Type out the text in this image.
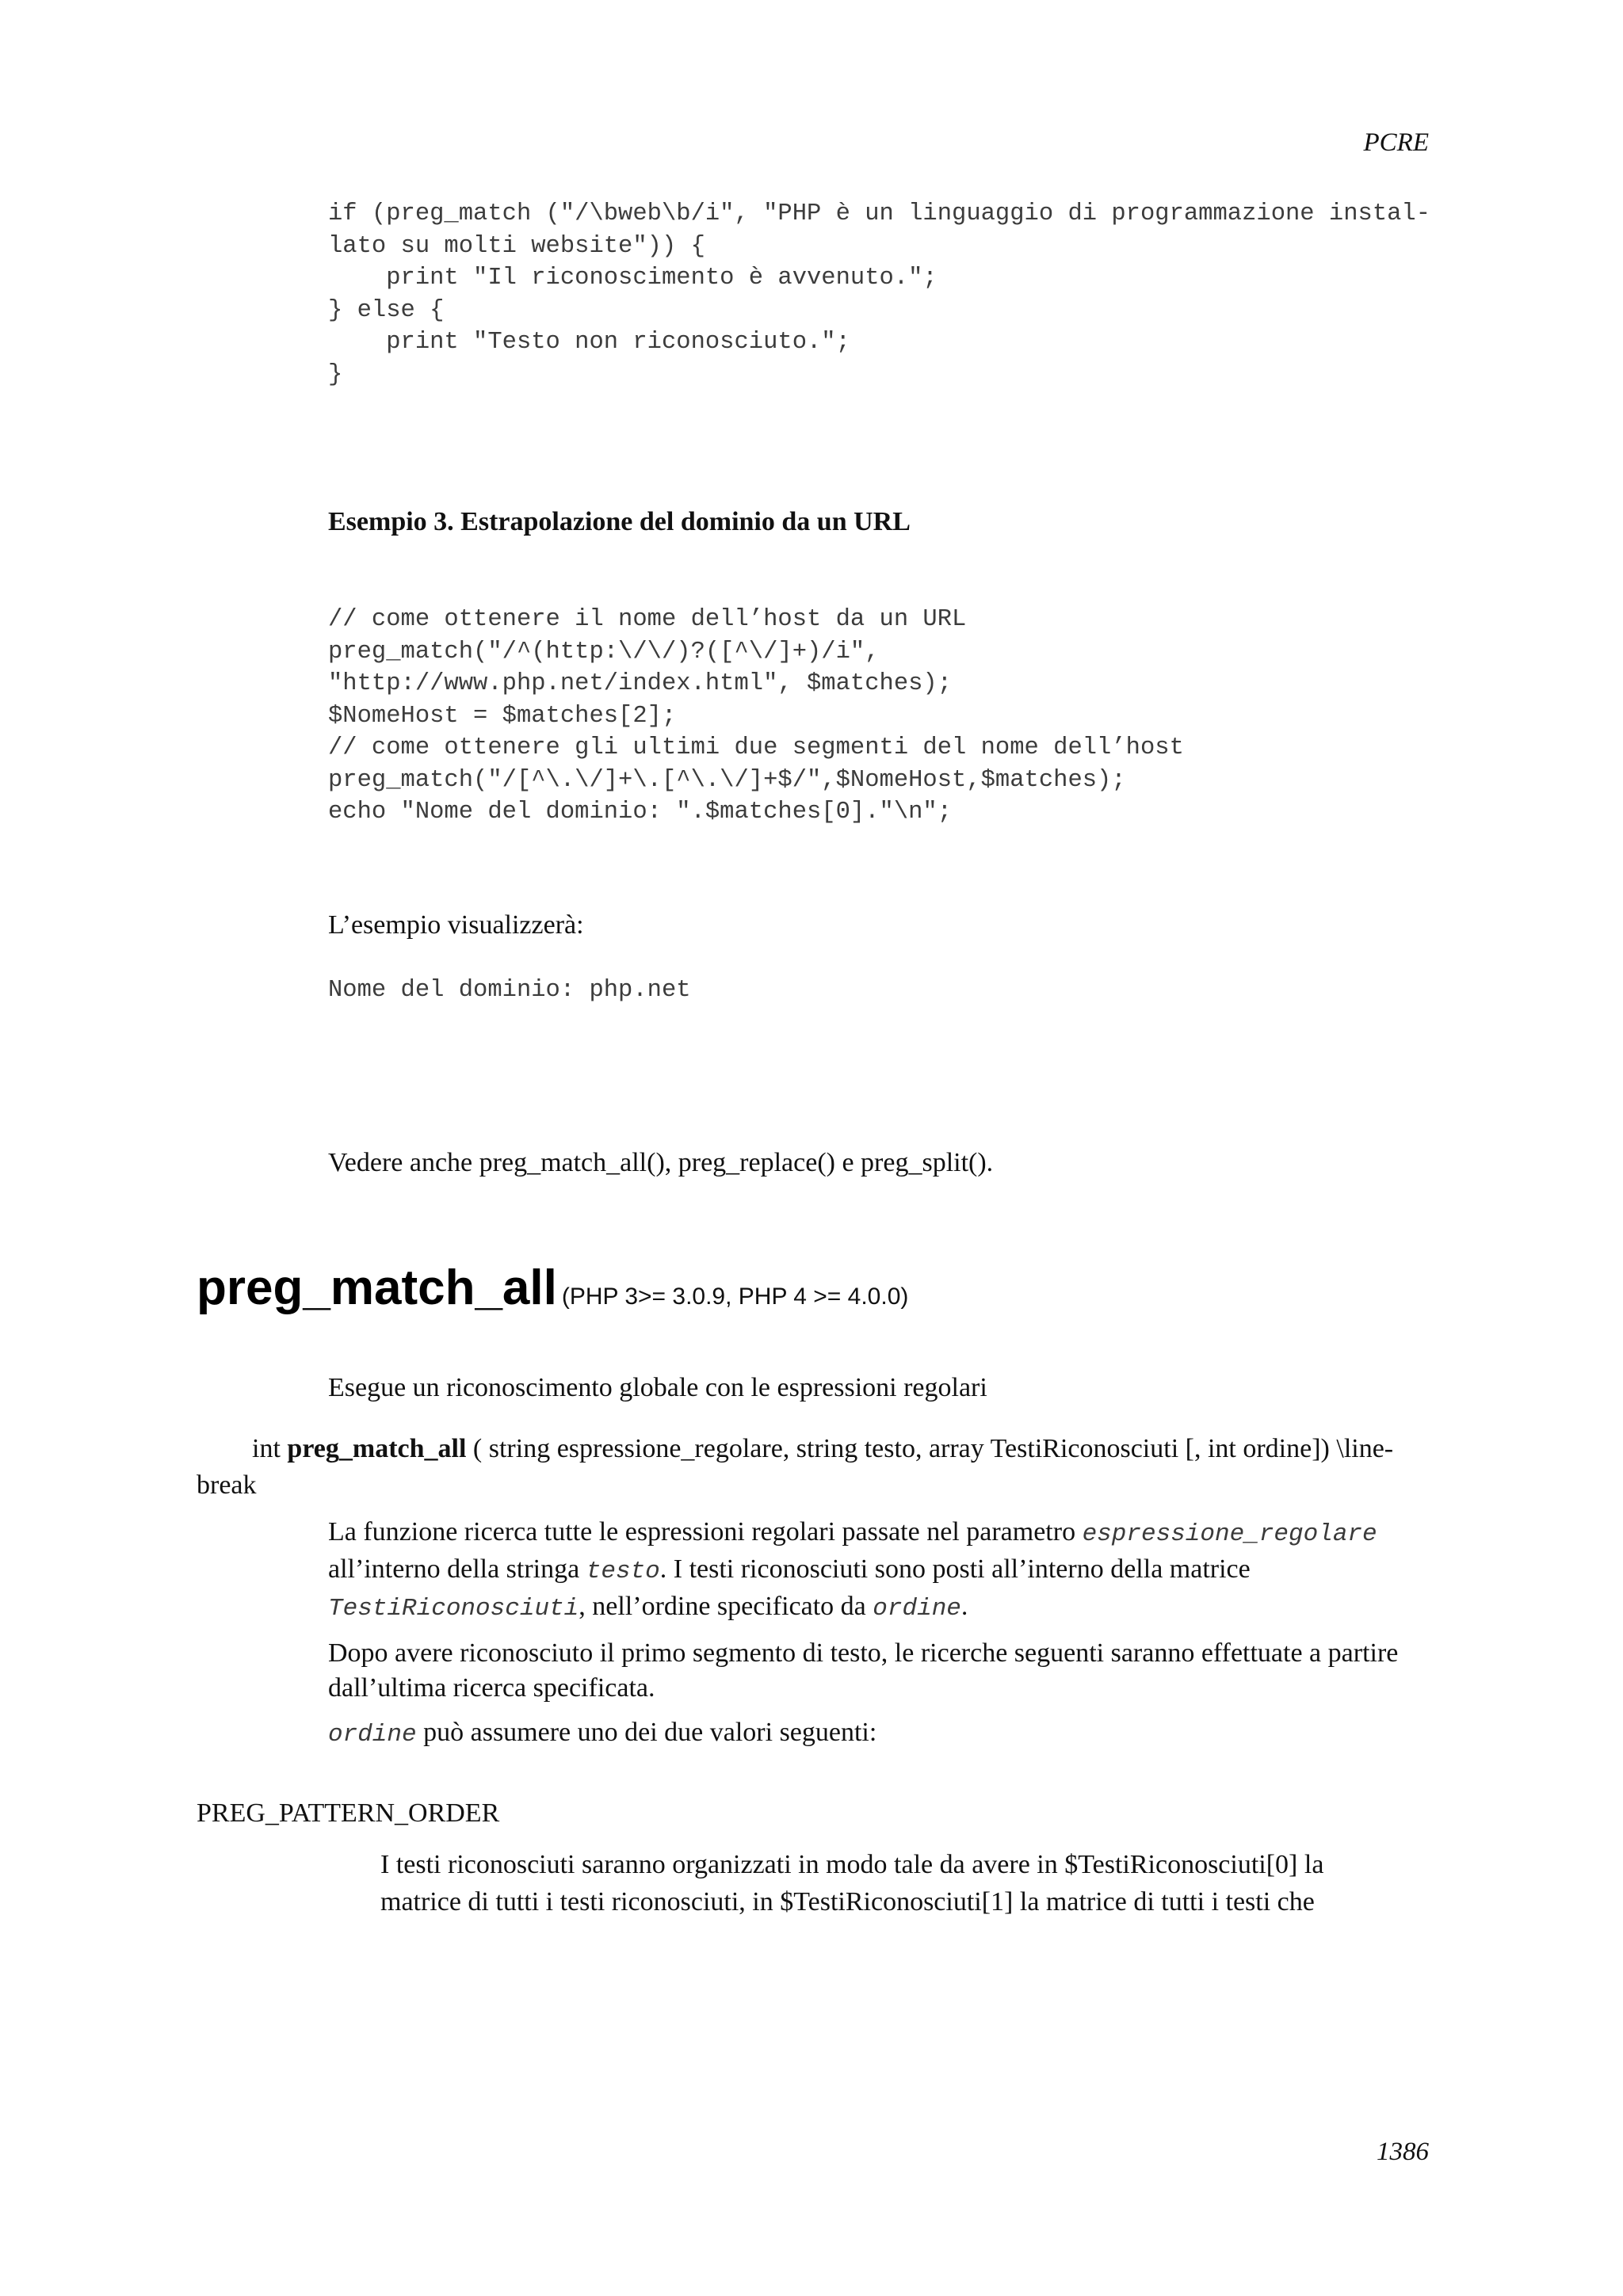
PCRE
if (preg_match ("/\bweb\b/i", "PHP è un linguaggio di programmazione instal-
lato su molti website")) {
print "Il riconoscimento è avvenuto.";
} else {
print "Testo non riconosciuto.";
}
Esempio 3. Estrapolazione del dominio da un URL
// come ottenere il nome dell’host da un URL
preg_match("/^(http:\/\/)?([^\/]+)/i",
"http://www.php.net/index.html", $matches);
$NomeHost = $matches[2];
// come ottenere gli ultimi due segmenti del nome dell’host
preg_match("/[^\.\/]+\.[^\.\/]+$/",$NomeHost,$matches);
echo "Nome del dominio: ".$matches[0]."\n";
L’esempio visualizzerà:
Nome del dominio: php.net
Vedere anche preg_match_all(), preg_replace() e preg_split().
preg_match_all (PHP 3>= 3.0.9, PHP 4 >= 4.0.0)
Esegue un riconoscimento globale con le espressioni regolari
int preg_match_all ( string espressione_regolare, string testo, array TestiRiconosciuti [, int ordine]) \line-
break

La funzione ricerca tutte le espressioni regolari passate nel parametro espressione_regolare all’interno della stringa testo. I testi riconosciuti sono posti all’interno della matrice TestiRiconosciuti, nell’ordine specificato da ordine.

Dopo avere riconosciuto il primo segmento di testo, le ricerche seguenti saranno effettuate a partire dall’ultima ricerca specificata.

ordine può assumere uno dei due valori seguenti:

PREG_PATTERN_ORDER
I testi riconosciuti saranno organizzati in modo tale da avere in $TestiRiconosciuti[0] la matrice di tutti i testi riconosciuti, in $TestiRiconosciuti[1] la matrice di tutti i testi che
1386
